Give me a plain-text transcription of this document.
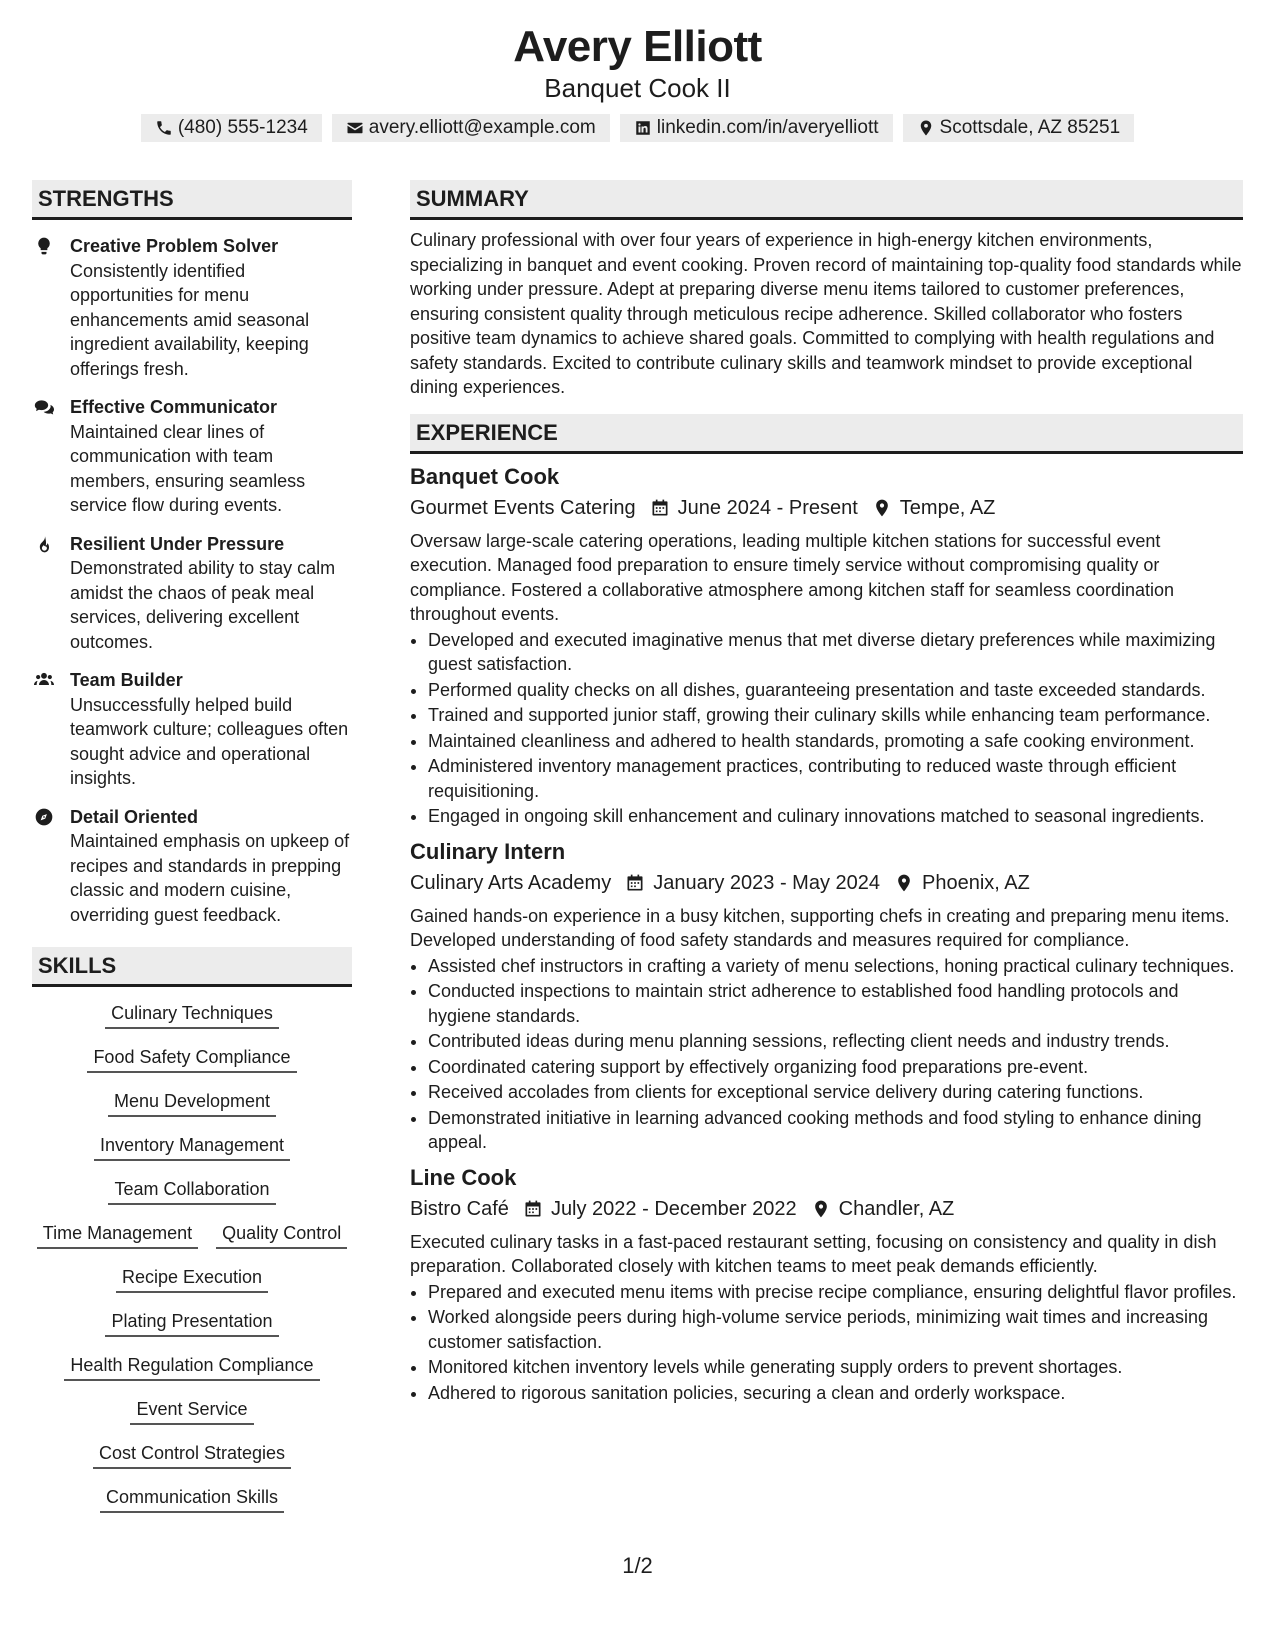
Avery Elliott
Banquet Cook II
(480) 555-1234	avery.elliott@example.com	linkedin.com/in/averyelliott	Scottsdale, AZ 85251
STRENGTHS
Creative Problem Solver
Consistently identified opportunities for menu enhancements amid seasonal ingredient availability, keeping offerings fresh.
Effective Communicator
Maintained clear lines of communication with team members, ensuring seamless service flow during events.
Resilient Under Pressure
Demonstrated ability to stay calm amidst the chaos of peak meal services, delivering excellent outcomes.
Team Builder
Unsuccessfully helped build teamwork culture; colleagues often sought advice and operational insights.
Detail Oriented
Maintained emphasis on upkeep of recipes and standards in prepping classic and modern cuisine, overriding guest feedback.
SKILLS
Culinary Techniques
Food Safety Compliance
Menu Development
Inventory Management
Team Collaboration
Time Management	Quality Control
Recipe Execution
Plating Presentation
Health Regulation Compliance
Event Service
Cost Control Strategies
Communication Skills
SUMMARY
Culinary professional with over four years of experience in high-energy kitchen environments, specializing in banquet and event cooking. Proven record of maintaining top-quality food standards while working under pressure. Adept at preparing diverse menu items tailored to customer preferences, ensuring consistent quality through meticulous recipe adherence. Skilled collaborator who fosters positive team dynamics to achieve shared goals. Committed to complying with health regulations and safety standards. Excited to contribute culinary skills and teamwork mindset to provide exceptional dining experiences.
EXPERIENCE
Banquet Cook
Gourmet Events Catering June 2024 - Present Tempe, AZ
Oversaw large-scale catering operations, leading multiple kitchen stations for successful event execution. Managed food preparation to ensure timely service without compromising quality or compliance. Fostered a collaborative atmosphere among kitchen staff for seamless coordination throughout events.
• Developed and executed imaginative menus that met diverse dietary preferences while maximizing guest satisfaction.
• Performed quality checks on all dishes, guaranteeing presentation and taste exceeded standards.
• Trained and supported junior staff, growing their culinary skills while enhancing team performance.
• Maintained cleanliness and adhered to health standards, promoting a safe cooking environment.
• Administered inventory management practices, contributing to reduced waste through efficient requisitioning.
• Engaged in ongoing skill enhancement and culinary innovations matched to seasonal ingredients.
Culinary Intern
Culinary Arts Academy January 2023 - May 2024 Phoenix, AZ
Gained hands-on experience in a busy kitchen, supporting chefs in creating and preparing menu items. Developed understanding of food safety standards and measures required for compliance.
• Assisted chef instructors in crafting a variety of menu selections, honing practical culinary techniques.
• Conducted inspections to maintain strict adherence to established food handling protocols and hygiene standards.
• Contributed ideas during menu planning sessions, reflecting client needs and industry trends.
• Coordinated catering support by effectively organizing food preparations pre-event.
• Received accolades from clients for exceptional service delivery during catering functions.
• Demonstrated initiative in learning advanced cooking methods and food styling to enhance dining appeal.
Line Cook
Bistro Café July 2022 - December 2022 Chandler, AZ
Executed culinary tasks in a fast-paced restaurant setting, focusing on consistency and quality in dish preparation. Collaborated closely with kitchen teams to meet peak demands efficiently.
• Prepared and executed menu items with precise recipe compliance, ensuring delightful flavor profiles.
• Worked alongside peers during high-volume service periods, minimizing wait times and increasing customer satisfaction.
• Monitored kitchen inventory levels while generating supply orders to prevent shortages.
• Adhered to rigorous sanitation policies, securing a clean and orderly workspace.
1/2
